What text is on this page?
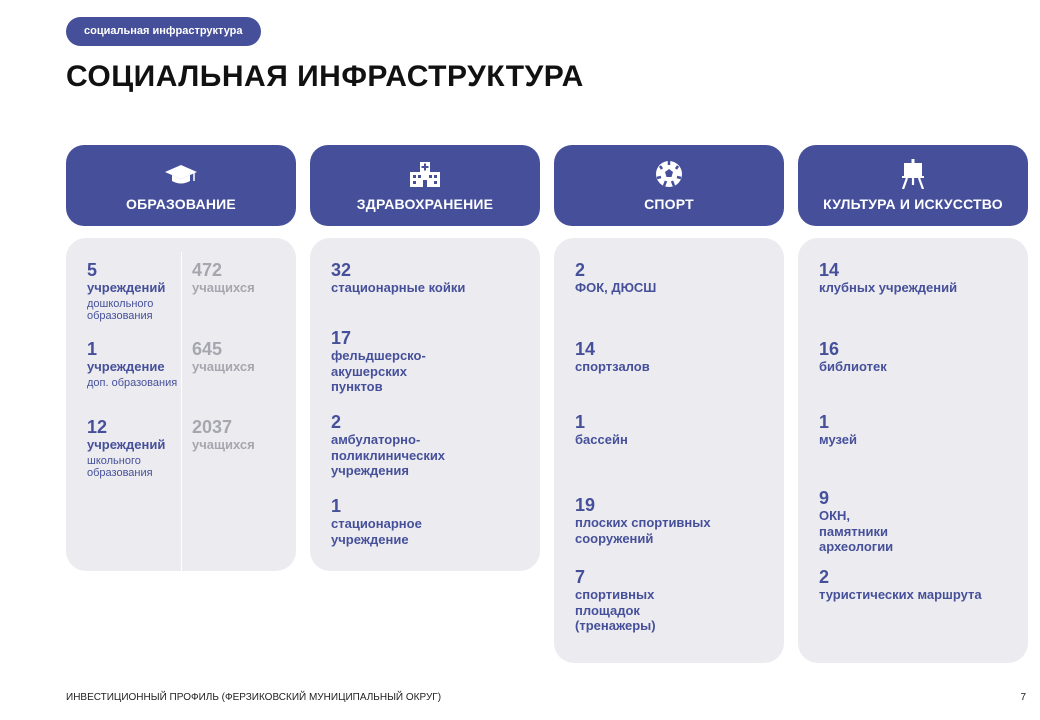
социальная инфраструктура
СОЦИАЛЬНАЯ ИНФРАСТРУКТУРА
ОБРАЗОВАНИЕ	ЗДРАВОХРАНЕНИЕ	СПОРТ	КУЛЬТУРА И ИСКУССТВО
5
учреждений
дошкольного образования
472
учащихся
1
учреждение
доп. образования
645
учащихся
12
учреждений
школьного образования
2037
учащихся
32
стационарные койки
17
фельдшерско-акушерских пунктов
2
амбулаторно-поликлинических учреждения
1
стационарное учреждение
2
ФОК, ДЮСШ
14
спортзалов
1
бассейн
19
плоских спортивных сооружений
7
спортивных площадок (тренажеры)
14
клубных учреждений
16
библиотек
1
музей
9
ОКН, памятники археологии
2
туристических маршрута
ИНВЕСТИЦИОННЫЙ ПРОФИЛЬ (ФЕРЗИКОВСКИЙ МУНИЦИПАЛЬНЫЙ ОКРУГ)	7
